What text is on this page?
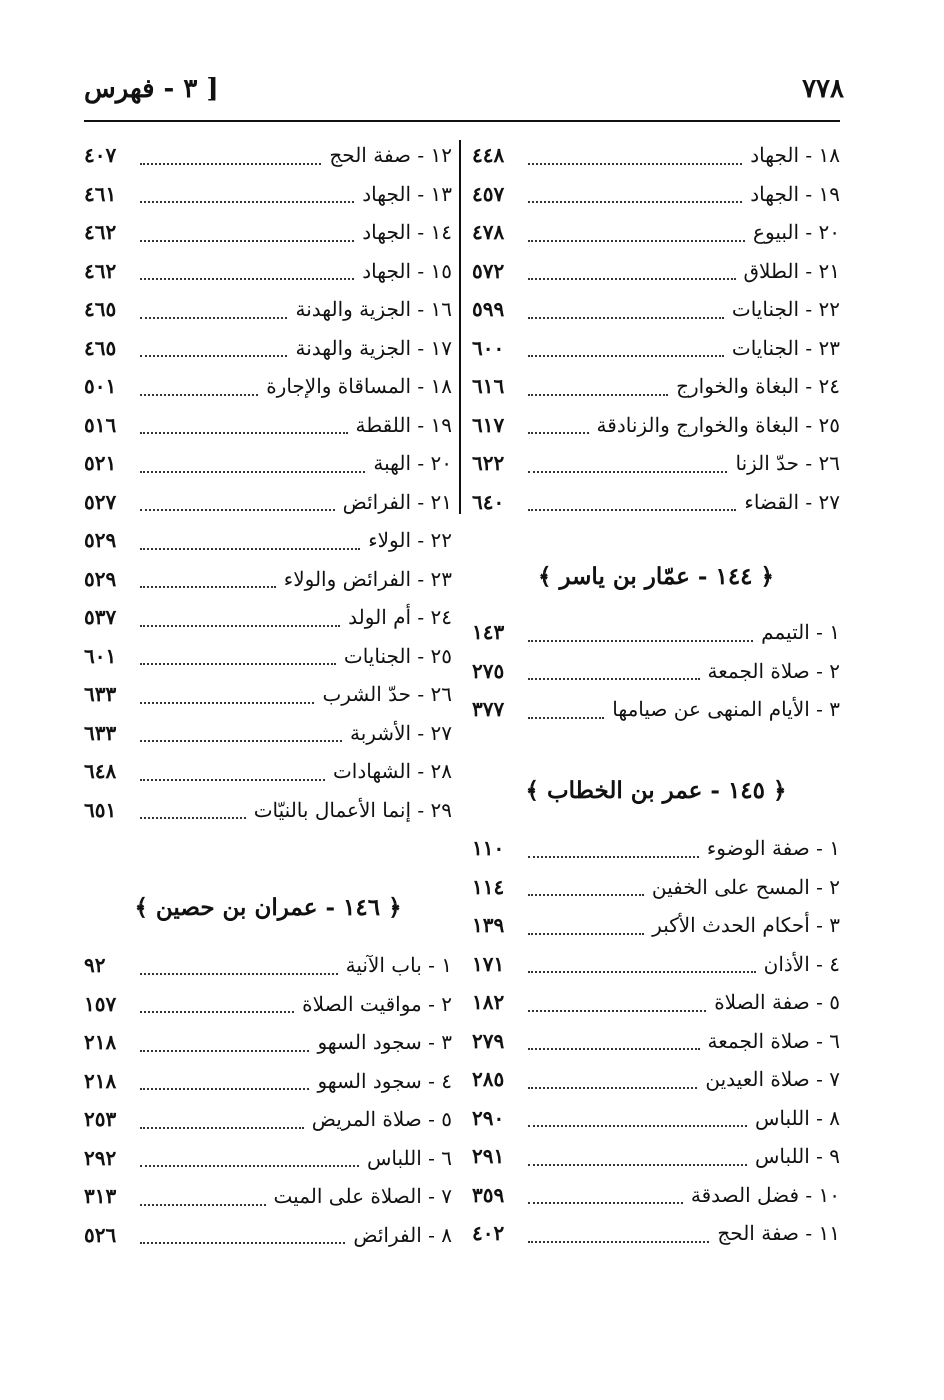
٧٧٨
[ ٣ - فهرس
١٨ - الجهاد
٤٤٨
١٩ - الجهاد
٤٥٧
٢٠ - البيوع
٤٧٨
٢١ - الطلاق
٥٧٢
٢٢ - الجنايات
٥٩٩
٢٣ - الجنايات
٦٠٠
٢٤ - البغاة والخوارج
٦١٦
٢٥ - البغاة والخوارج والزنادقة
٦١٧
٢٦ - حدّ الزنا
٦٢٢
٢٧ - القضاء
٦٤٠
﴿ ١٤٤ - عمّار بن ياسر ﴾
١ - التيمم
١٤٣
٢ - صلاة الجمعة
٢٧٥
٣ - الأيام المنهى عن صيامها
٣٧٧
﴿ ١٤٥ - عمر بن الخطاب ﴾
١ - صفة الوضوء
١١٠
٢ - المسح على الخفين
١١٤
٣ - أحكام الحدث الأكبر
١٣٩
٤ - الأذان
١٧١
٥ - صفة الصلاة
١٨٢
٦ - صلاة الجمعة
٢٧٩
٧ - صلاة العيدين
٢٨٥
٨ - اللباس
٢٩٠
٩ - اللباس
٢٩١
١٠ - فضل الصدقة
٣٥٩
١١ - صفة الحج
٤٠٢
١٢ - صفة الحج
٤٠٧
١٣ - الجهاد
٤٦١
١٤ - الجهاد
٤٦٢
١٥ - الجهاد
٤٦٢
١٦ - الجزية والهدنة
٤٦٥
١٧ - الجزية والهدنة
٤٦٥
١٨ - المساقاة والإجارة
٥٠١
١٩ - اللقطة
٥١٦
٢٠ - الهبة
٥٢١
٢١ - الفرائض
٥٢٧
٢٢ - الولاء
٥٢٩
٢٣ - الفرائض والولاء
٥٢٩
٢٤ - أم الولد
٥٣٧
٢٥ - الجنايات
٦٠١
٢٦ - حدّ الشرب
٦٣٣
٢٧ - الأشربة
٦٣٣
٢٨ - الشهادات
٦٤٨
٢٩ - إنما الأعمال بالنيّات
٦٥١
﴿ ١٤٦ - عمران بن حصين ﴾
١ - باب الآنية
٩٢
٢ - مواقيت الصلاة
١٥٧
٣ - سجود السهو
٢١٨
٤ - سجود السهو
٢١٨
٥ - صلاة المريض
٢٥٣
٦ - اللباس
٢٩٢
٧ - الصلاة على الميت
٣١٣
٨ - الفرائض
٥٢٦
